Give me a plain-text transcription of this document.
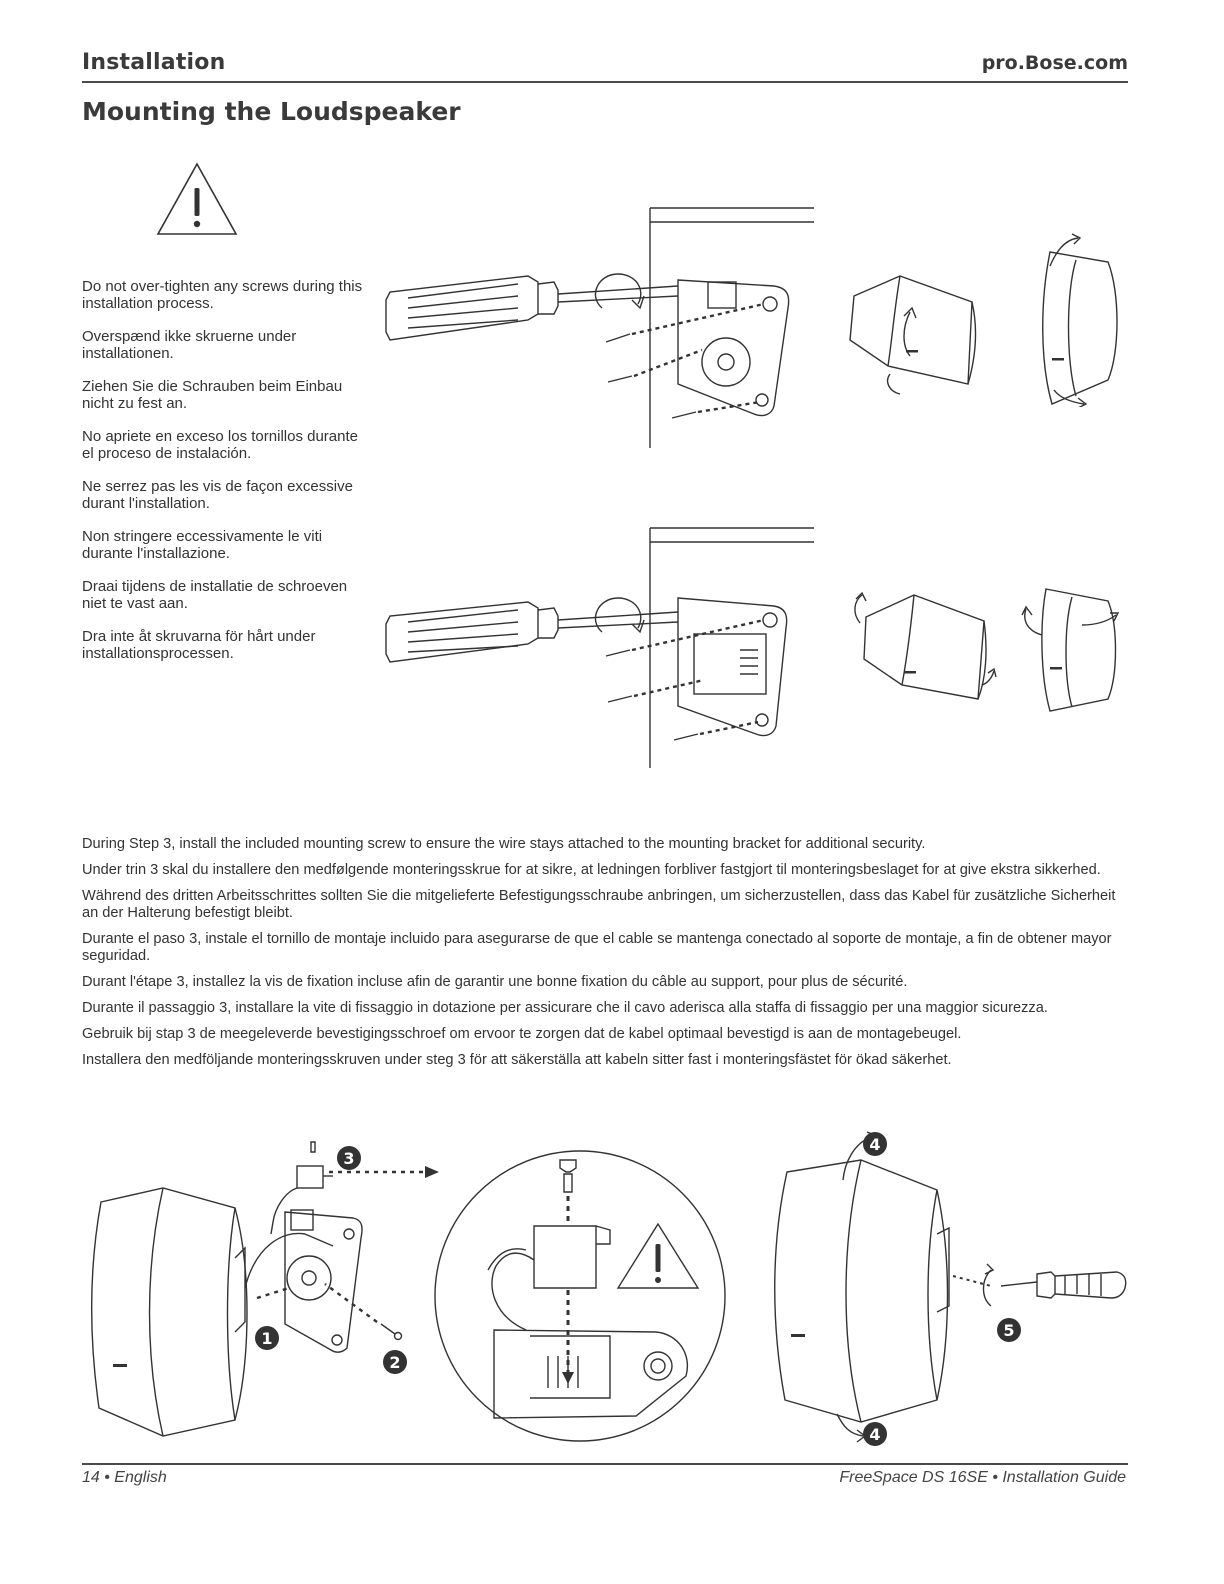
Installation	pro.Bose.com
Mounting the Loudspeaker

Do not over-tighten any screws during this installation process.

Overspænd ikke skruerne under installationen.

Ziehen Sie die Schrauben beim Einbau nicht zu fest an.

No apriete en exceso los tornillos durante el proceso de instalación.

Ne serrez pas les vis de façon excessive durant l'installation.

Non stringere eccessivamente le viti durante l'installazione.

Draai tijdens de installatie de schroeven niet te vast aan.

Dra inte åt skruvarna för hårt under installationsprocessen.

During Step 3, install the included mounting screw to ensure the wire stays attached to the mounting bracket for additional security.

Under trin 3 skal du installere den medfølgende monteringsskrue for at sikre, at ledningen forbliver fastgjort til monteringsbeslaget for at give ekstra sikkerhed.

Während des dritten Arbeitsschrittes sollten Sie die mitgelieferte Befestigungsschraube anbringen, um sicherzustellen, dass das Kabel für zusätzliche Sicherheit an der Halterung befestigt bleibt.

Durante el paso 3, instale el tornillo de montaje incluido para asegurarse de que el cable se mantenga conectado al soporte de montaje, a fin de obtener mayor seguridad.

Durant l'étape 3, installez la vis de fixation incluse afin de garantir une bonne fixation du câble au support, pour plus de sécurité.

Durante il passaggio 3, installare la vite di fissaggio in dotazione per assicurare che il cavo aderisca alla staffa di fissaggio per una maggior sicurezza.

Gebruik bij stap 3 de meegeleverde bevestigingsschroef om ervoor te zorgen dat de kabel optimaal bevestigd is aan de montagebeugel.

Installera den medföljande monteringsskruven under steg 3 för att säkerställa att kabeln sitter fast i monteringsfästet för ökad säkerhet.

3
1
2
4
4
5
14 • English	FreeSpace DS 16SE • Installation Guide
